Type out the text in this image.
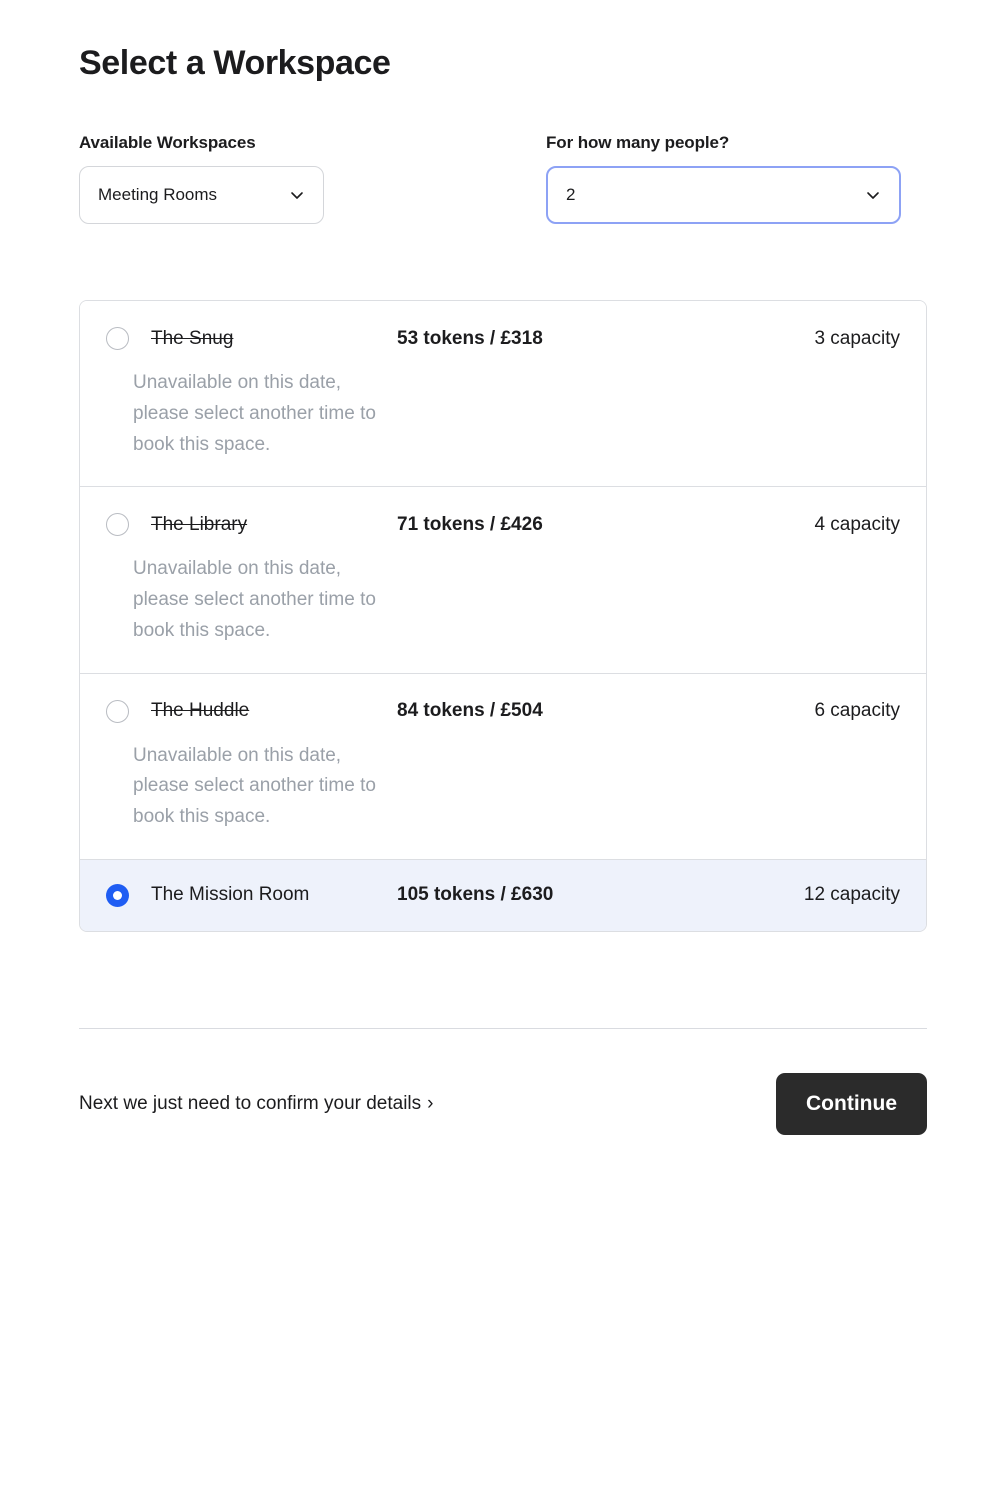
Select a Workspace
Available Workspaces
Meeting Rooms
For how many people?
2
The Snug	53 tokens / £318	3 capacity
Unavailable on this date, please select another time to book this space.
The Library	71 tokens / £426	4 capacity
Unavailable on this date, please select another time to book this space.
The Huddle	84 tokens / £504	6 capacity
Unavailable on this date, please select another time to book this space.
The Mission Room	105 tokens / £630	12 capacity
Next we just need to confirm your details ›	Continue
